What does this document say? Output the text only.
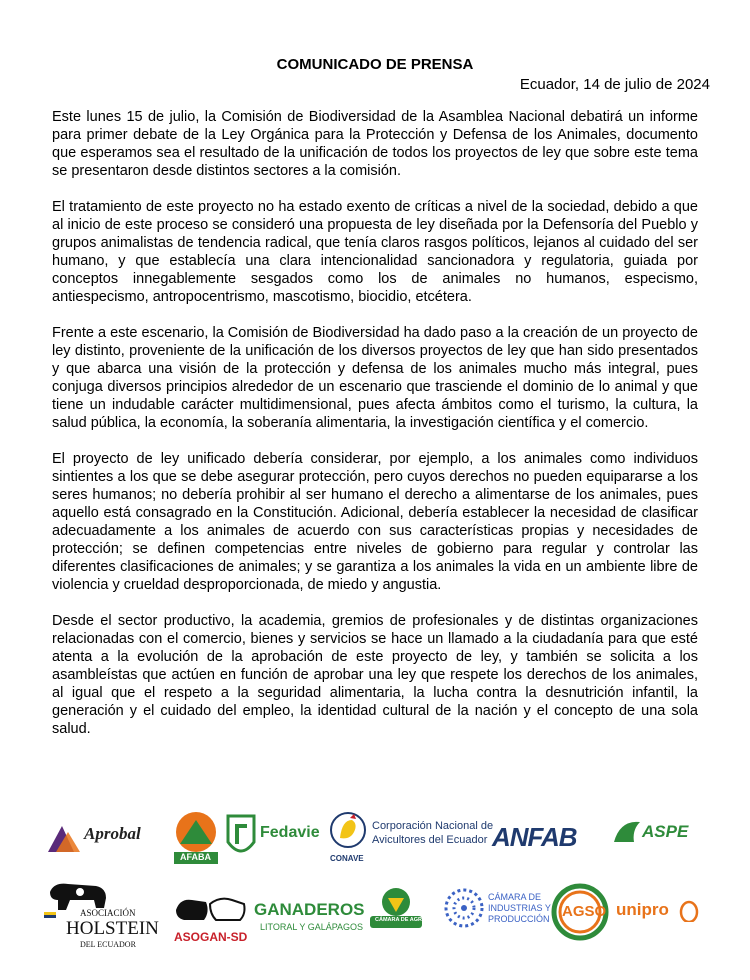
COMUNICADO DE PRENSA
Ecuador, 14 de julio de 2024

Este lunes 15 de julio, la Comisión de Biodiversidad de la Asamblea Nacional debatirá un informe para primer debate de la Ley Orgánica para la Protección y Defensa de los Animales, documento que esperamos sea el resultado de la unificación de todos los proyectos de ley que sobre este tema se presentaron desde distintos sectores a la comisión.

El tratamiento de este proyecto no ha estado exento de críticas a nivel de la sociedad, debido a que al inicio de este proceso se consideró una propuesta de ley diseñada por la Defensoría del Pueblo y grupos animalistas de tendencia radical, que tenía claros rasgos políticos, lejanos al cuidado del ser humano, y que establecía una clara intencionalidad sancionadora y regulatoria, guiada por conceptos innegablemente sesgados como los de animales no humanos, especismo, antiespecismo, antropocentrismo, mascotismo, biocidio, etcétera.

Frente a este escenario, la Comisión de Biodiversidad ha dado paso a la creación de un proyecto de ley distinto, proveniente de la unificación de los diversos proyectos de ley que han sido presentados y que abarca una visión de la protección y defensa de los animales mucho más integral, pues conjuga diversos principios alrededor de un escenario que trasciende el dominio de lo animal y que tiene un indudable carácter multidimensional, pues afecta ámbitos como el turismo, la cultura, la salud pública, la economía, la soberanía alimentaria, la investigación científica y el comercio.

El proyecto de ley unificado debería considerar, por ejemplo, a los animales como individuos sintientes a los que se debe asegurar protección, pero cuyos derechos no pueden equipararse a los seres humanos; no debería prohibir al ser humano el derecho a alimentarse de los animales, pues aquello está consagrado en la Constitución. Adicional, debería establecer la necesidad de clasificar adecuadamente a los animales de acuerdo con sus características propias y necesidades de protección; se definen competencias entre niveles de gobierno para regular y controlar las diferentes clasificaciones de animales; y se garantiza a los animales la vida en un ambiente libre de violencia y crueldad desproporcionada, de miedo y angustia.

Desde el sector productivo, la academia, gremios de profesionales y de distintas organizaciones relacionadas con el comercio, bienes y servicios se hace un llamado a la ciudadanía para que esté atenta a la evolución de la aprobación de este proyecto de ley, y también se solicita a los asambleístas que actúen en función de aprobar una ley que respete los derechos de los animales, al igual que el respeto a la seguridad alimentaria, la lucha contra la desnutrición infantil, la generación y el cuidado del empleo, la identidad cultural de la nación y el concepto de una sola salud.

Aprobal
AFABA
Fedavie
CONAVE
Corporación Nacional de
Avicultores del Ecuador ANFAB	ASPE
ASOCIACIÓN
HOLSTEIN
DEL ECUADOR
ASOGAN-SD
GANADEROS
LITORAL Y GALÁPAGOS
CÁMARA DE AGRICULTURA
CÁMARA DE
INDUSTRIAS Y
PRODUCCIÓN AGSO unipro
